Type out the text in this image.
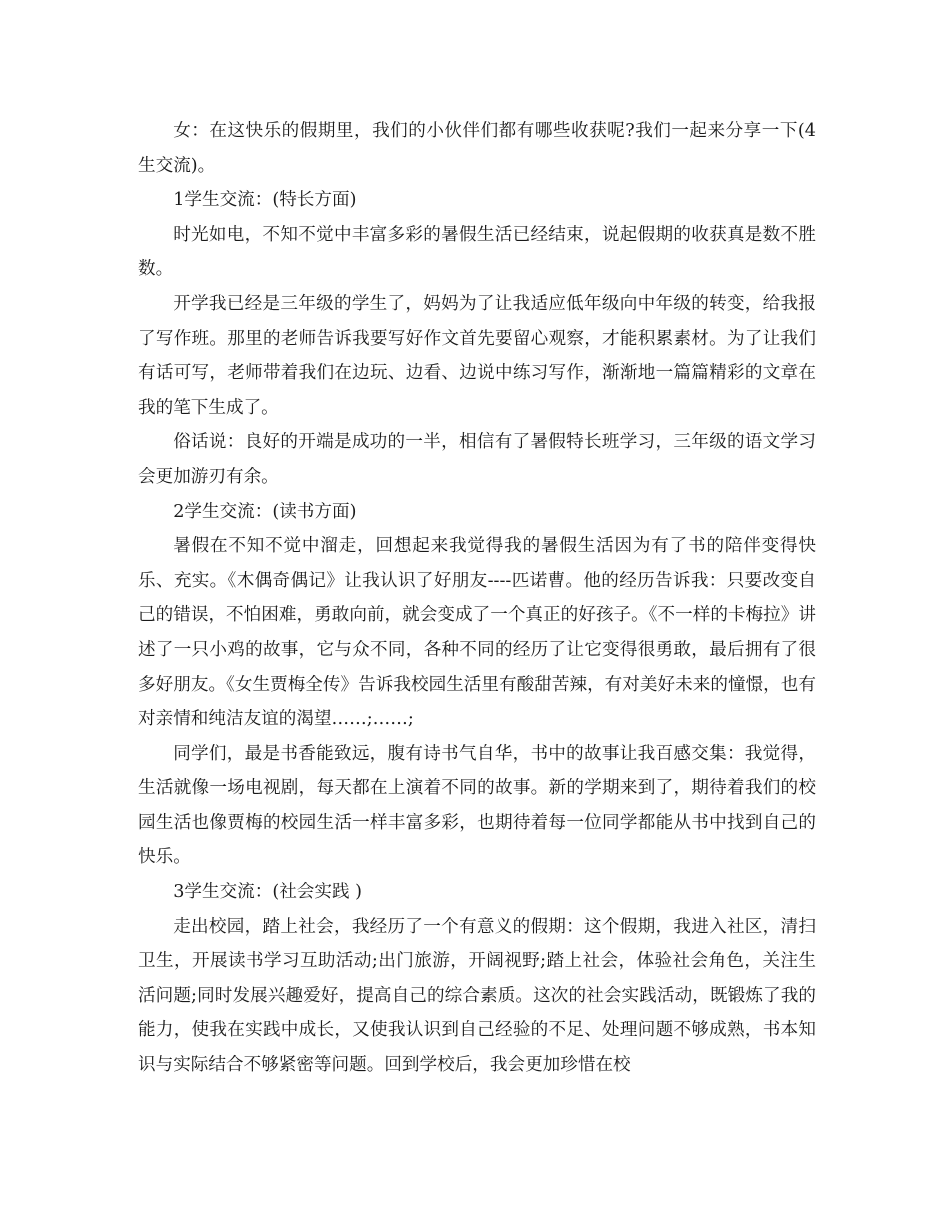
女：在这快乐的假期里，我们的小伙伴们都有哪些收获呢?我们一起来分享一下(4生交流)。

1学生交流：(特长方面)

时光如电，不知不觉中丰富多彩的暑假生活已经结束，说起假期的收获真是数不胜数。

开学我已经是三年级的学生了，妈妈为了让我适应低年级向中年级的转变，给我报了写作班。那里的老师告诉我要写好作文首先要留心观察，才能积累素材。为了让我们有话可写，老师带着我们在边玩、边看、边说中练习写作，渐渐地一篇篇精彩的文章在我的笔下生成了。

俗话说：良好的开端是成功的一半，相信有了暑假特长班学习，三年级的语文学习会更加游刃有余。

2学生交流：(读书方面)

暑假在不知不觉中溜走，回想起来我觉得我的暑假生活因为有了书的陪伴变得快乐、充实。《木偶奇偶记》让我认识了好朋友----匹诺曹。他的经历告诉我：只要改变自己的错误，不怕困难，勇敢向前，就会变成了一个真正的好孩子。《不一样的卡梅拉》讲述了一只小鸡的故事，它与众不同，各种不同的经历了让它变得很勇敢，最后拥有了很多好朋友。《女生贾梅全传》告诉我校园生活里有酸甜苦辣，有对美好未来的憧憬，也有对亲情和纯洁友谊的渴望……;……;

同学们，最是书香能致远，腹有诗书气自华，书中的故事让我百感交集：我觉得，生活就像一场电视剧，每天都在上演着不同的故事。新的学期来到了，期待着我们的校园生活也像贾梅的校园生活一样丰富多彩，也期待着每一位同学都能从书中找到自己的快乐。

3学生交流：(社会实践 )

走出校园，踏上社会，我经历了一个有意义的假期：这个假期，我进入社区，清扫卫生，开展读书学习互助活动;出门旅游，开阔视野;踏上社会，体验社会角色，关注生活问题;同时发展兴趣爱好，提高自己的综合素质。这次的社会实践活动，既锻炼了我的能力，使我在实践中成长，又使我认识到自己经验的不足、处理问题不够成熟，书本知识与实际结合不够紧密等问题。回到学校后，我会更加珍惜在校
